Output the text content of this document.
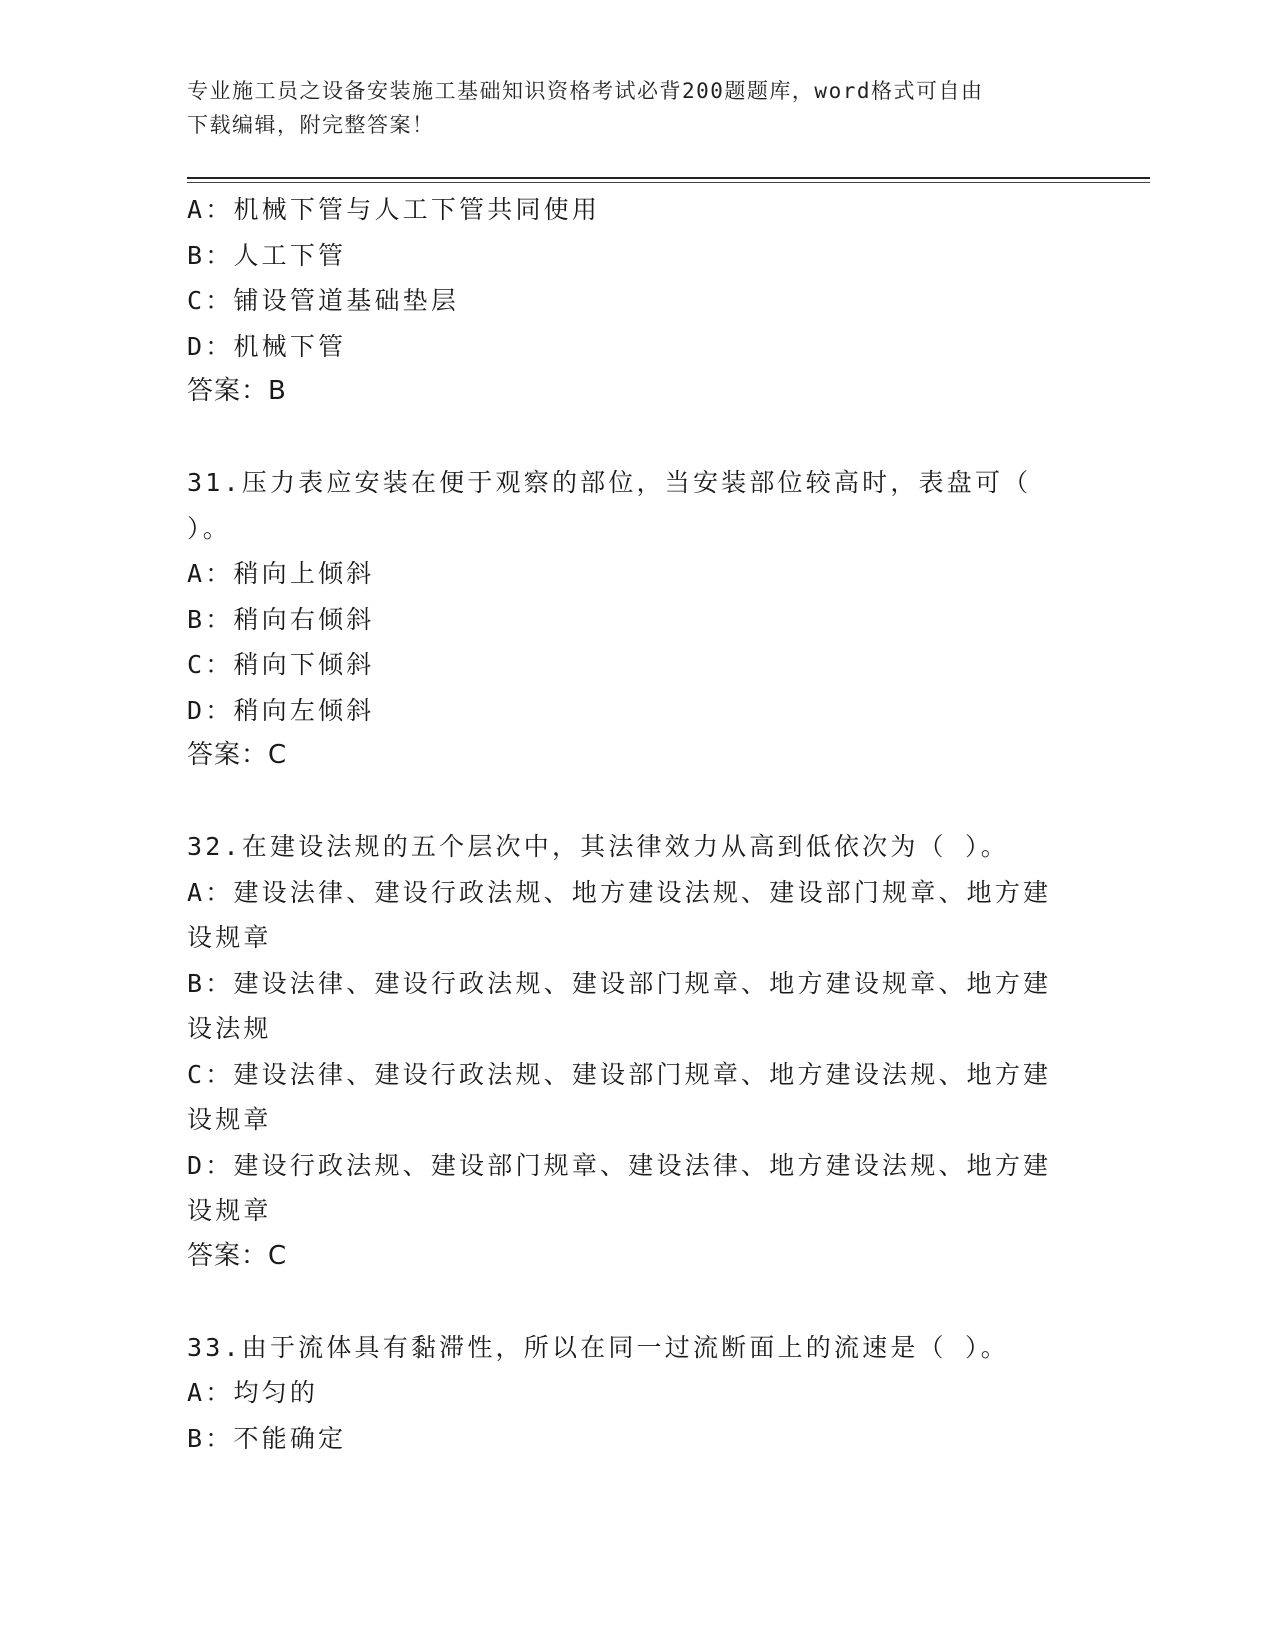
专业施工员之设备安装施工基础知识资格考试必背200题题库，word格式可自由
下载编辑，附完整答案！
A：机械下管与人工下管共同使用
B：人工下管
C：铺设管道基础垫层
D：机械下管
答案：B
31.压力表应安装在便于观察的部位，当安装部位较高时，表盘可（
）。
A：稍向上倾斜
B：稍向右倾斜
C：稍向下倾斜
D：稍向左倾斜
答案：C
32.在建设法规的五个层次中，其法律效力从高到低依次为（ ）。
A：建设法律、建设行政法规、地方建设法规、建设部门规章、地方建
设规章
B：建设法律、建设行政法规、建设部门规章、地方建设规章、地方建
设法规
C：建设法律、建设行政法规、建设部门规章、地方建设法规、地方建
设规章
D：建设行政法规、建设部门规章、建设法律、地方建设法规、地方建
设规章
答案：C
33.由于流体具有黏滞性，所以在同一过流断面上的流速是（ ）。
A：均匀的
B：不能确定
